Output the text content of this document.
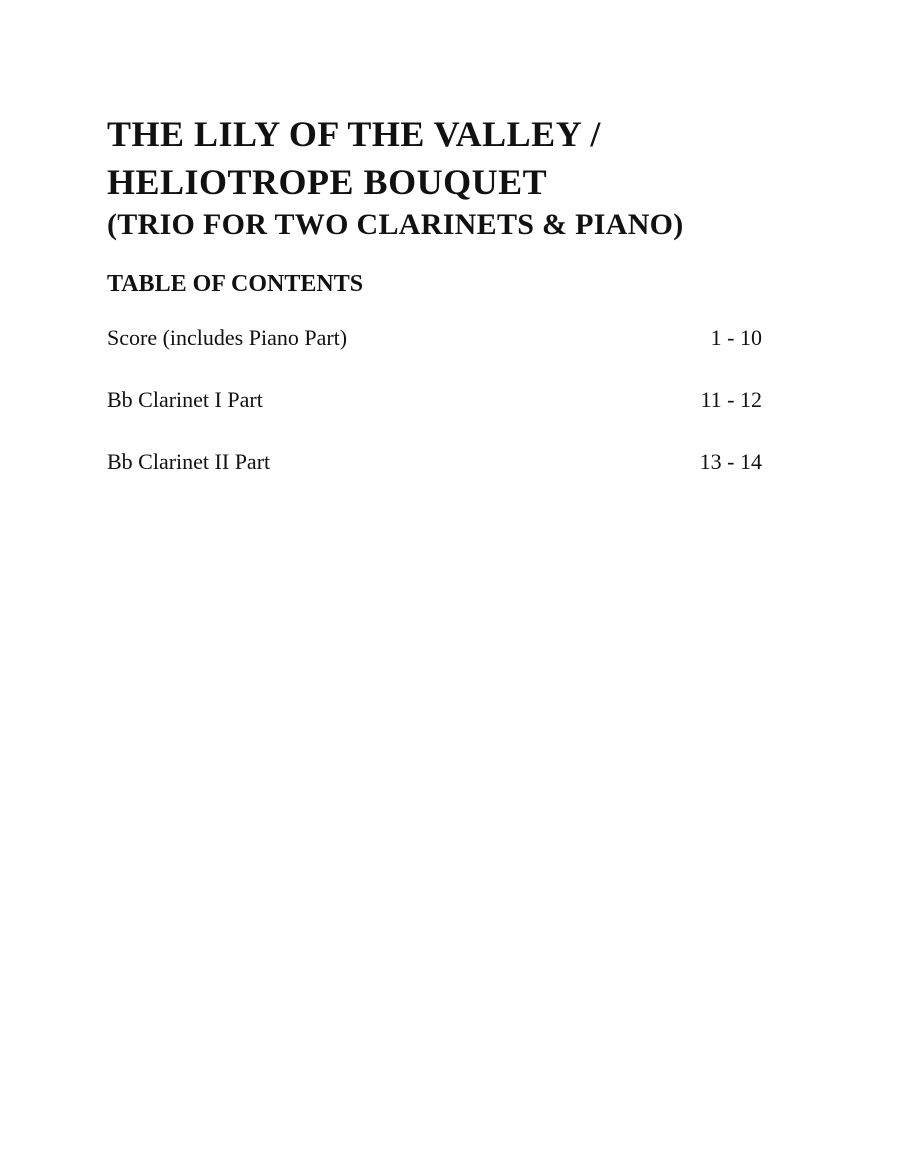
THE LILY OF THE VALLEY /
HELIOTROPE BOUQUET
(TRIO FOR TWO CLARINETS & PIANO)
TABLE OF CONTENTS
Score (includes Piano Part)	1 - 10
Bb Clarinet I Part	11 - 12
Bb Clarinet II Part	13 - 14
